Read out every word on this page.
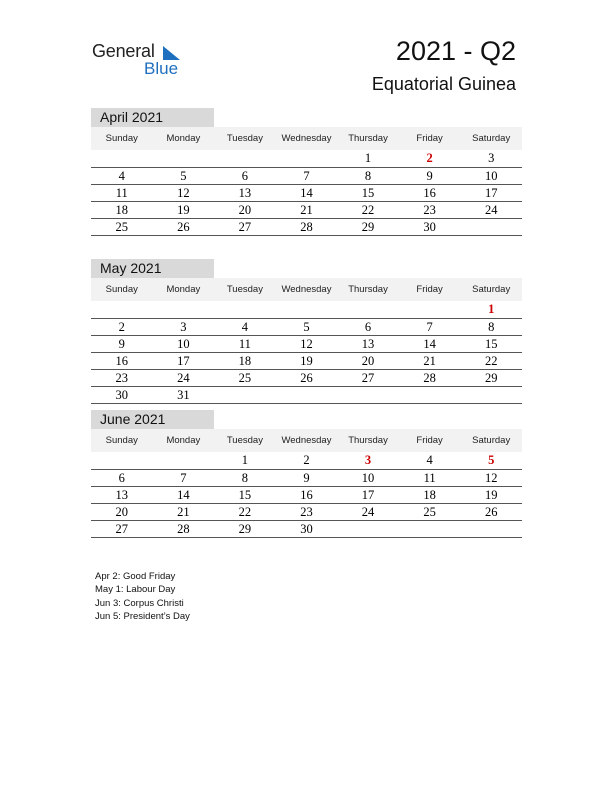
General
Blue
2021 - Q2
Equatorial Guinea
April 2021
Sunday	Monday	Tuesday	Wednesday	Thursday	Friday	Saturday
				1	2	3
4	5	6	7	8	9	10
11	12	13	14	15	16	17
18	19	20	21	22	23	24
25	26	27	28	29	30	
May 2021
Sunday	Monday	Tuesday	Wednesday	Thursday	Friday	Saturday
						1
2	3	4	5	6	7	8
9	10	11	12	13	14	15
16	17	18	19	20	21	22
23	24	25	26	27	28	29
30	31					
June 2021
Sunday	Monday	Tuesday	Wednesday	Thursday	Friday	Saturday
		1	2	3	4	5
6	7	8	9	10	11	12
13	14	15	16	17	18	19
20	21	22	23	24	25	26
27	28	29	30			
Apr 2: Good Friday
May 1: Labour Day
Jun 3: Corpus Christi
Jun 5: President’s Day
